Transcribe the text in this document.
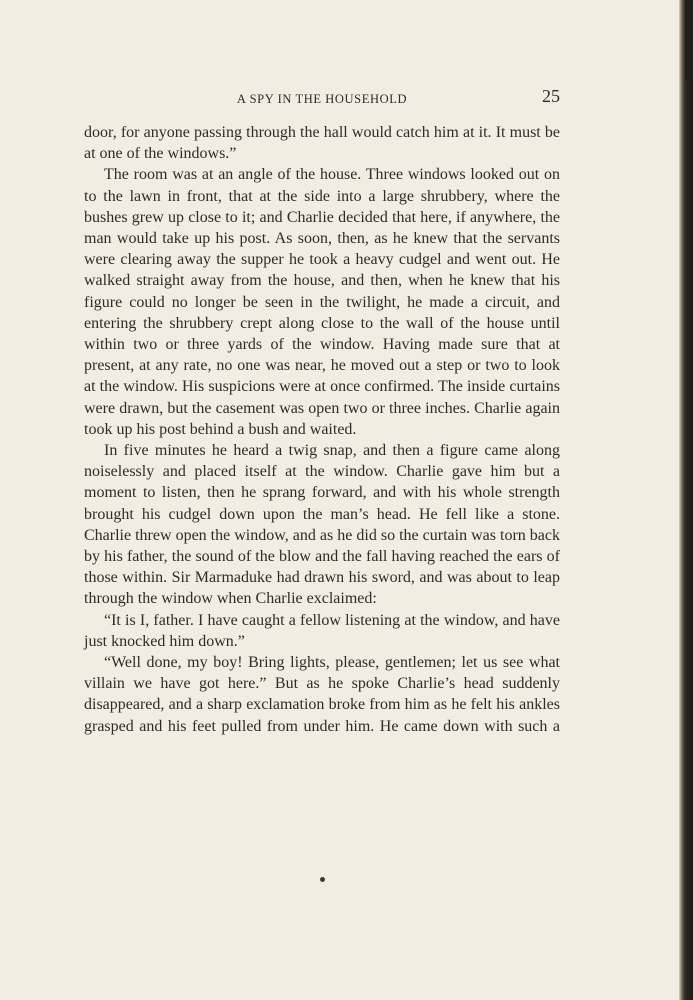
A SPY IN THE HOUSEHOLD	25

door, for anyone passing through the hall would catch him at it. It must be at one of the windows.”

The room was at an angle of the house. Three windows looked out on to the lawn in front, that at the side into a large shrubbery, where the bushes grew up close to it; and Charlie decided that here, if anywhere, the man would take up his post. As soon, then, as he knew that the servants were clearing away the supper he took a heavy cudgel and went out. He walked straight away from the house, and then, when he knew that his figure could no longer be seen in the twilight, he made a circuit, and entering the shrubbery crept along close to the wall of the house until within two or three yards of the window. Having made sure that at present, at any rate, no one was near, he moved out a step or two to look at the window. His suspicions were at once confirmed. The inside curtains were drawn, but the casement was open two or three inches. Charlie again took up his post behind a bush and waited.

In five minutes he heard a twig snap, and then a figure came along noiselessly and placed itself at the window. Charlie gave him but a moment to listen, then he sprang forward, and with his whole strength brought his cudgel down upon the man’s head. He fell like a stone. Charlie threw open the window, and as he did so the curtain was torn back by his father, the sound of the blow and the fall having reached the ears of those within. Sir Marmaduke had drawn his sword, and was about to leap through the window when Charlie exclaimed:

“It is I, father. I have caught a fellow listening at the window, and have just knocked him down.”

“Well done, my boy! Bring lights, please, gentlemen; let us see what villain we have got here.” But as he spoke Charlie’s head suddenly disappeared, and a sharp exclamation broke from him as he felt his ankles grasped and his feet pulled from under him. He came down with such a
